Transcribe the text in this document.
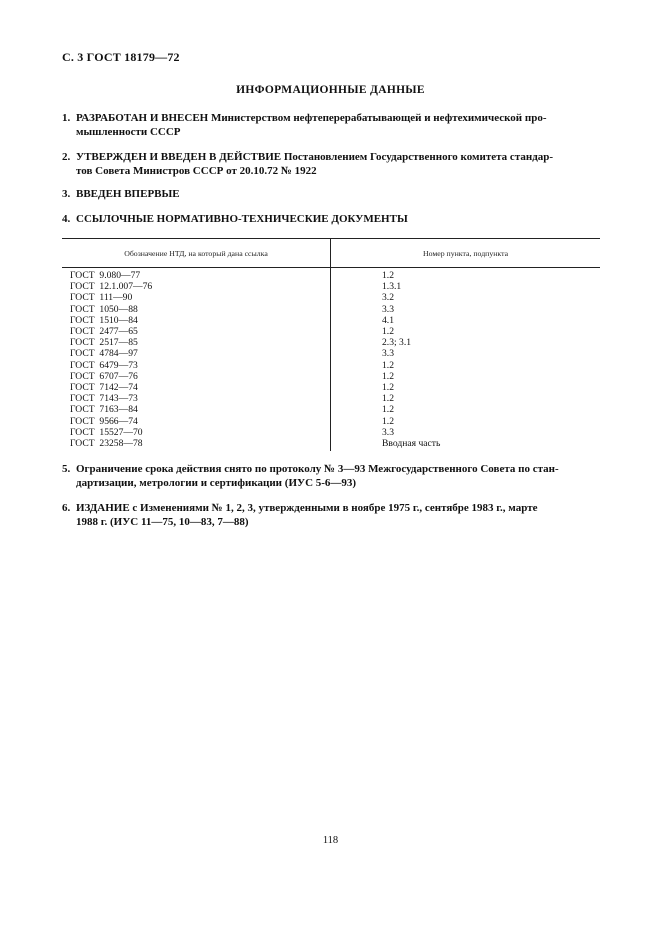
С. 3 ГОСТ 18179—72
ИНФОРМАЦИОННЫЕ ДАННЫЕ
1. РАЗРАБОТАН И ВНЕСЕН Министерством нефтеперерабатывающей и нефтехимической про-
мышленности СССР
2. УТВЕРЖДЕН И ВВЕДЕН В ДЕЙСТВИЕ Постановлением Государственного комитета стандар-
тов Совета Министров СССР от 20.10.72 № 1922
3. ВВЕДЕН ВПЕРВЫЕ
4. ССЫЛОЧНЫЕ НОРМАТИВНО-ТЕХНИЧЕСКИЕ ДОКУМЕНТЫ
Обозначение НТД, на который дана ссылка	Номер пункта, подпункта
ГОСТ  9.080—77
ГОСТ  12.1.007—76
ГОСТ  111—90
ГОСТ  1050—88
ГОСТ  1510—84
ГОСТ  2477—65
ГОСТ  2517—85
ГОСТ  4784—97
ГОСТ  6479—73
ГОСТ  6707—76
ГОСТ  7142—74
ГОСТ  7143—73
ГОСТ  7163—84
ГОСТ  9566—74
ГОСТ  15527—70
ГОСТ  23258—78
1.2
1.3.1
3.2
3.3
4.1
1.2
2.3; 3.1
3.3
1.2
1.2
1.2
1.2
1.2
1.2
3.3
Вводная часть
5. Ограничение срока действия снято по протоколу № 3—93 Межгосударственного Совета по стан-
дартизации, метрологии и сертификации (ИУС 5-6—93)
6. ИЗДАНИЕ с Изменениями № 1, 2, 3, утвержденными в ноябре 1975 г., сентябре 1983 г., марте
1988 г. (ИУС 11—75, 10—83, 7—88)
118
